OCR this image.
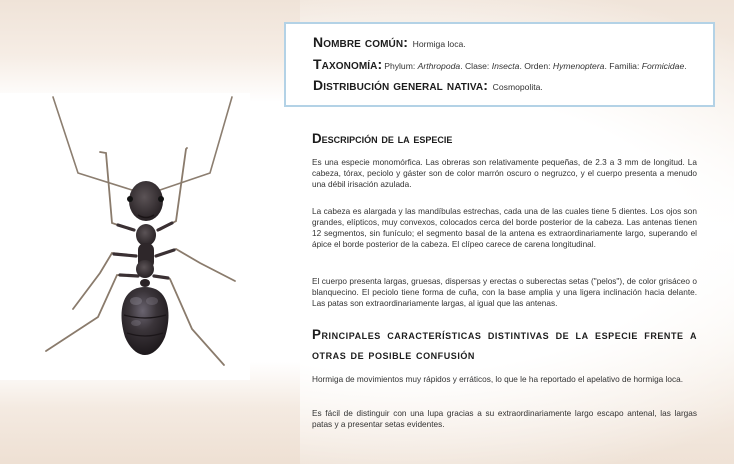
Nombre común: Hormiga loca.
Taxonomía: Phylum: Arthropoda. Clase: Insecta. Orden: Hymenoptera. Familia: Formicidae.
Distribución general nativa: Cosmopolita.
Descripción de la especie

Es una especie monomórfica. Las obreras son relativamente pequeñas, de 2.3 a 3 mm de longitud. La cabeza, tórax, peciolo y gáster son de color marrón oscuro o negruzco, y el cuerpo presenta a menudo una débil irisación azulada.

La cabeza es alargada y las mandíbulas estrechas, cada una de las cuales tiene 5 dientes. Los ojos son grandes, elípticos, muy convexos, colocados cerca del borde posterior de la cabeza. Las antenas tienen 12 segmentos, sin funículo; el segmento basal de la antena es extraordinariamente largo, superando el ápice el borde posterior de la cabeza. El clípeo carece de carena longitudinal.

El cuerpo presenta largas, gruesas, dispersas y erectas o suberectas setas ("pelos"), de color grisáceo o blanquecino. El peciolo tiene forma de cuña, con la base amplia y una ligera inclinación hacia delante. Las patas son extraordinariamente largas, al igual que las antenas.

Principales características distintivas de la especie frente a otras de posible confusión

Hormiga de movimientos muy rápidos y erráticos, lo que le ha reportado el apelativo de hormiga loca.

Es fácil de distinguir con una lupa gracias a su extraordinariamente largo escapo antenal, las largas patas y a presentar setas evidentes.
